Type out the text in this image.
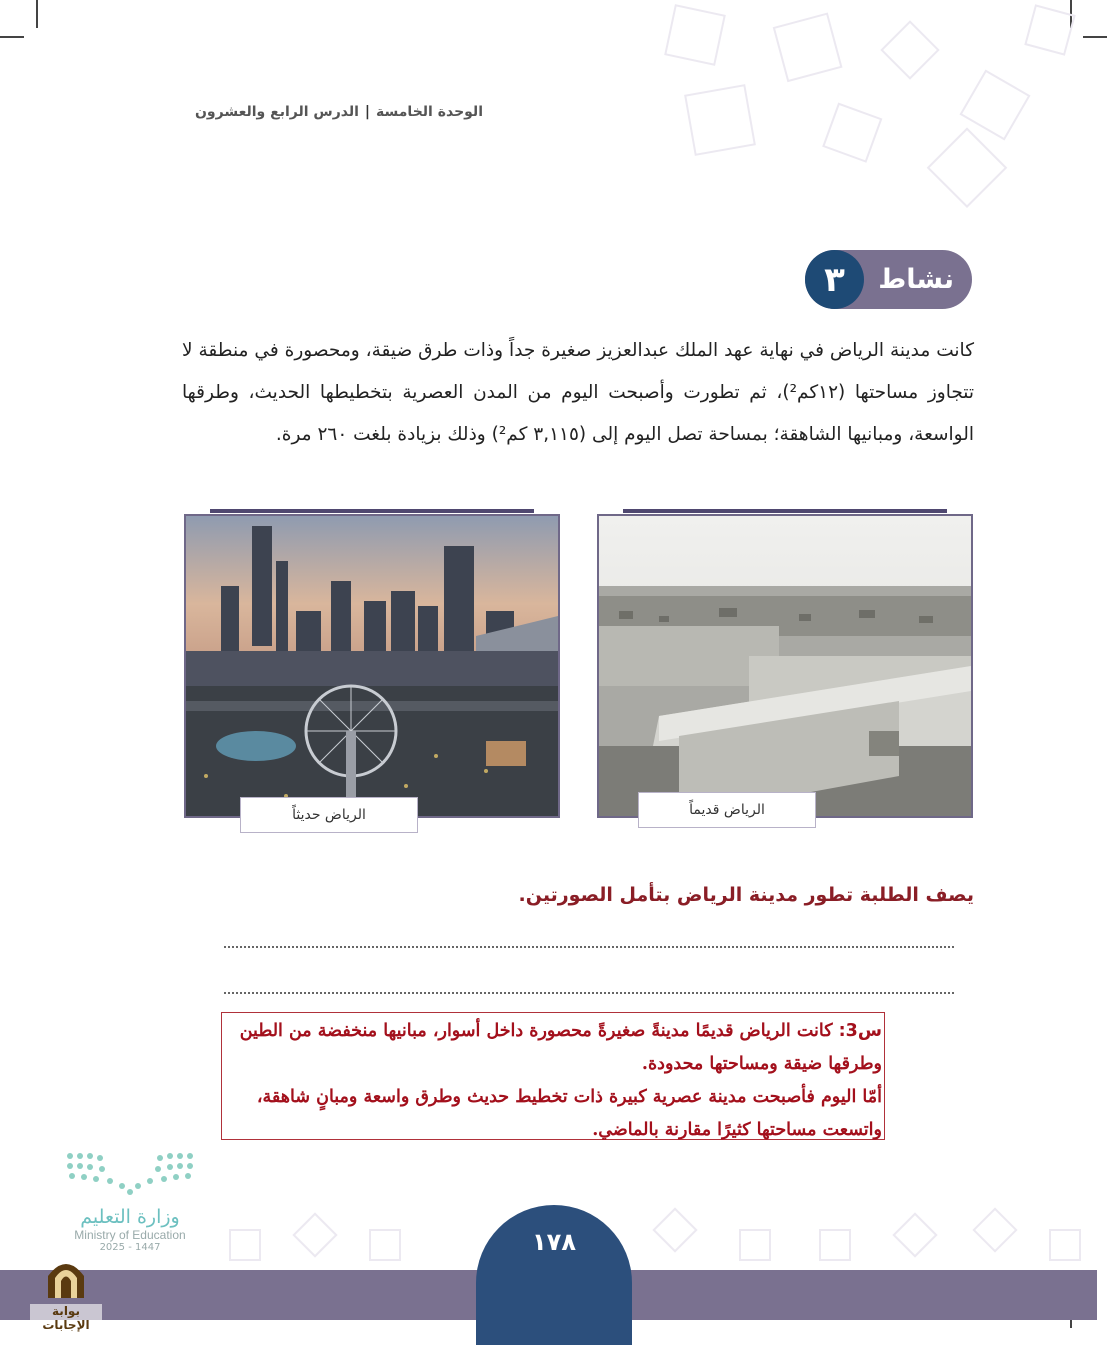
الوحدة الخامسة|الدرس الرابع والعشرون
٣	نشاط
كانت مدينة الرياض في نهاية عهد الملك عبدالعزيز صغيرة جداً وذات طرق ضيقة، ومحصورة في منطقة لا تتجاوز مساحتها (١٢كم²)، ثم تطورت وأصبحت اليوم من المدن العصرية بتخطيطها الحديث، وطرقها الواسعة، ومبانيها الشاهقة؛ بمساحة تصل اليوم إلى (٣,١١٥ كم²) وذلك بزيادة بلغت ٢٦٠ مرة.
الرياض قديماً
الرياض حديثاً
يصف الطلبة تطور مدينة الرياض بتأمل الصورتين.

س3: كانت الرياض قديمًا مدينةً صغيرةً محصورة داخل أسوار، مبانيها منخفضة من الطين

وطرقها ضيقة ومساحتها محدودة.

أمّا اليوم فأصبحت مدينة عصرية كبيرة ذات تخطيط حديث وطرق واسعة ومبانٍ شاهقة،

واتسعت مساحتها كثيرًا مقارنة بالماضي.

وزارة التعليم
Ministry of Education
2025 - 1447	١٧٨
بوابة الإجابات
